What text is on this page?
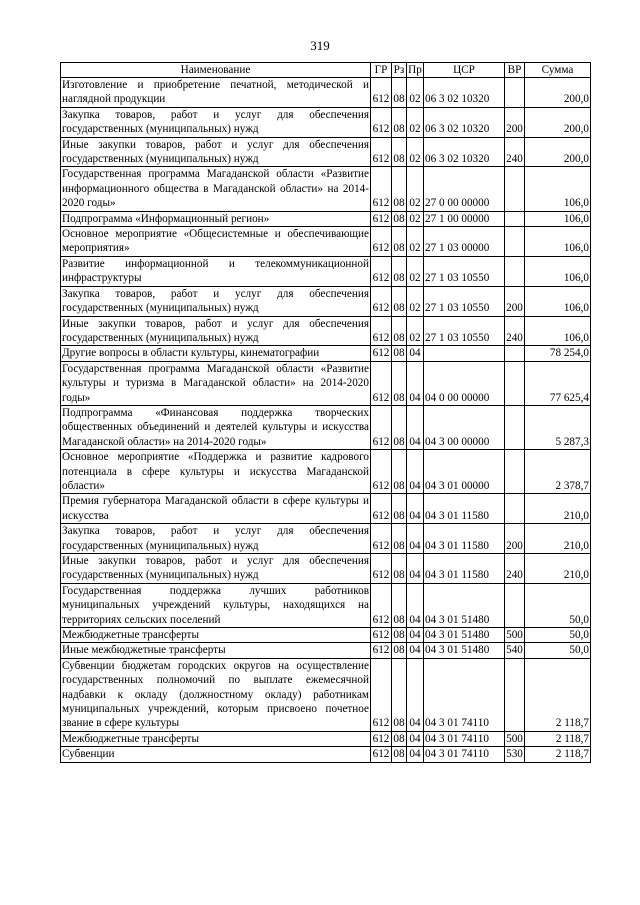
319
Наименование	ГР	Рз	Пр	ЦСР	ВР	Сумма
Изготовление и приобретение печатной, методической и наглядной продукции	612	08	02	06 3 02 10320		200,0
Закупка товаров, работ и услуг для обеспечения государственных (муниципальных) нужд	612	08	02	06 3 02 10320	200	200,0
Иные закупки товаров, работ и услуг для обеспечения государственных (муниципальных) нужд	612	08	02	06 3 02 10320	240	200,0
Государственная программа Магаданской области «Развитие информационного общества в Магаданской области» на 2014-2020 годы»	612	08	02	27 0 00 00000		106,0
Подпрограмма «Информационный регион»	612	08	02	27 1 00 00000		106,0
Основное мероприятие «Общесистемные и обеспечивающие мероприятия»	612	08	02	27 1 03 00000		106,0
Развитие информационной и телекоммуникационной инфраструктуры	612	08	02	27 1 03 10550		106,0
Закупка товаров, работ и услуг для обеспечения государственных (муниципальных) нужд	612	08	02	27 1 03 10550	200	106,0
Иные закупки товаров, работ и услуг для обеспечения государственных (муниципальных) нужд	612	08	02	27 1 03 10550	240	106,0
Другие вопросы в области культуры, кинематографии	612	08	04			78 254,0
Государственная программа Магаданской области «Развитие культуры и туризма в Магаданской области» на 2014-2020 годы»	612	08	04	04 0 00 00000		77 625,4
Подпрограмма «Финансовая поддержка творческих общественных объединений и деятелей культуры и искусства Магаданской области» на 2014-2020 годы»	612	08	04	04 3 00 00000		5 287,3
Основное мероприятие «Поддержка и развитие кадрового потенциала в сфере культуры и искусства Магаданской области»	612	08	04	04 3 01 00000		2 378,7
Премия губернатора Магаданской области в сфере культуры и искусства	612	08	04	04 3 01 11580		210,0
Закупка товаров, работ и услуг для обеспечения государственных (муниципальных) нужд	612	08	04	04 3 01 11580	200	210,0
Иные закупки товаров, работ и услуг для обеспечения государственных (муниципальных) нужд	612	08	04	04 3 01 11580	240	210,0
Государственная поддержка лучших работников муниципальных учреждений культуры, находящихся на территориях сельских поселений	612	08	04	04 3 01 51480		50,0
Межбюджетные трансферты	612	08	04	04 3 01 51480	500	50,0
Иные межбюджетные трансферты	612	08	04	04 3 01 51480	540	50,0
Субвенции бюджетам городских округов на осуществление государственных полномочий по выплате ежемесячной надбавки к окладу (должностному окладу) работникам муниципальных учреждений, которым присвоено почетное звание в сфере культуры	612	08	04	04 3 01 74110		2 118,7
Межбюджетные трансферты	612	08	04	04 3 01 74110	500	2 118,7
Субвенции	612	08	04	04 3 01 74110	530	2 118,7
